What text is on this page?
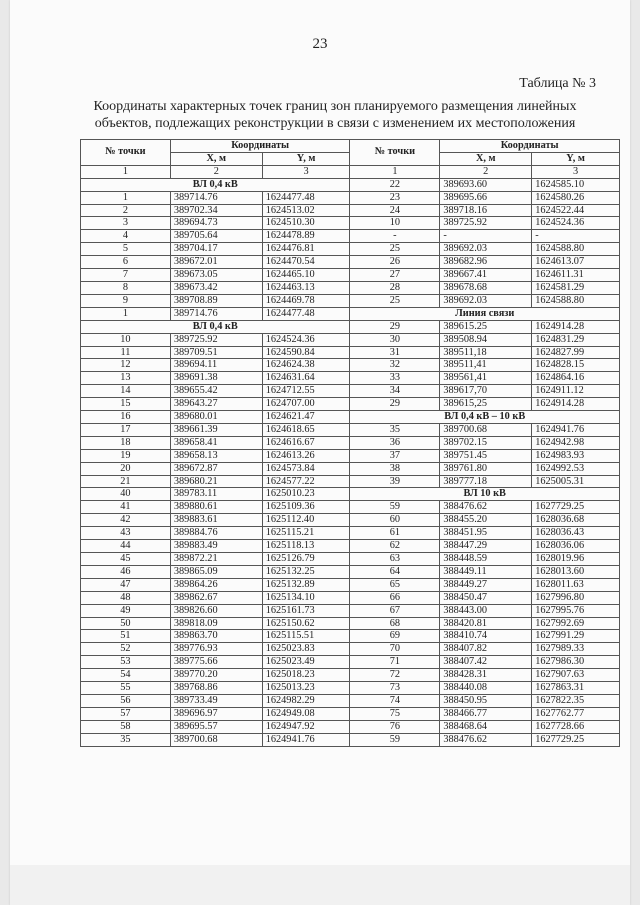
23
Таблица № 3
Координаты характерных точек границ зон планируемого размещения линейных объектов, подлежащих реконструкции в связи с изменением их местоположения
№ точки	Координаты		№ точки	Координаты	
	X, м	Y, м		X, м	Y, м
1	2	3	1	2	3
ВЛ 0,4 кВ			22	389693.60	1624585.10
1	389714.76	1624477.48	23	389695.66	1624580.26
2	389702.34	1624513.02	24	389718.16	1624522.44
3	389694.73	1624510.30	10	389725.92	1624524.36
4	389705.64	1624478.89	-	-	-
5	389704.17	1624476.81	25	389692.03	1624588.80
6	389672.01	1624470.54	26	389682.96	1624613.07
7	389673.05	1624465.10	27	389667.41	1624611.31
8	389673.42	1624463.13	28	389678.68	1624581.29
9	389708.89	1624469.78	25	389692.03	1624588.80
1	389714.76	1624477.48	Линия связи		
ВЛ 0,4 кВ			29	389615.25	1624914.28
10	389725.92	1624524.36	30	389508.94	1624831.29
11	389709.51	1624590.84	31	389511,18	1624827.99
12	389694.11	1624624.38	32	389511,41	1624828.15
13	389691.38	1624631.64	33	389561,41	1624864.16
14	389655.42	1624712.55	34	389617,70	1624911.12
15	389643.27	1624707.00	29	389615,25	1624914.28
16	389680.01	1624621.47	ВЛ 0,4 кВ – 10 кВ		
17	389661.39	1624618.65	35	389700.68	1624941.76
18	389658.41	1624616.67	36	389702.15	1624942.98
19	389658.13	1624613.26	37	389751.45	1624983.93
20	389672.87	1624573.84	38	389761.80	1624992.53
21	389680.21	1624577.22	39	389777.18	1625005.31
40	389783.11	1625010.23	ВЛ 10 кВ		
41	389880.61	1625109.36	59	388476.62	1627729.25
42	389883.61	1625112.40	60	388455.20	1628036.68
43	389884.76	1625115.21	61	388451.95	1628036.43
44	389883.49	1625118.13	62	388447.29	1628036.06
45	389872.21	1625126.79	63	388448.59	1628019.96
46	389865.09	1625132.25	64	388449.11	1628013.60
47	389864.26	1625132.89	65	388449.27	1628011.63
48	389862.67	1625134.10	66	388450.47	1627996.80
49	389826.60	1625161.73	67	388443.00	1627995.76
50	389818.09	1625150.62	68	388420.81	1627992.69
51	389863.70	1625115.51	69	388410.74	1627991.29
52	389776.93	1625023.83	70	388407.82	1627989.33
53	389775.66	1625023.49	71	388407.42	1627986.30
54	389770.20	1625018.23	72	388428.31	1627907.63
55	389768.86	1625013.23	73	388440.08	1627863.31
56	389733.49	1624982.29	74	388450.95	1627822.35
57	389696.97	1624949.08	75	388466.77	1627762.77
58	389695.57	1624947.92	76	388468.64	1627728.66
35	389700.68	1624941.76	59	388476.62	1627729.25
